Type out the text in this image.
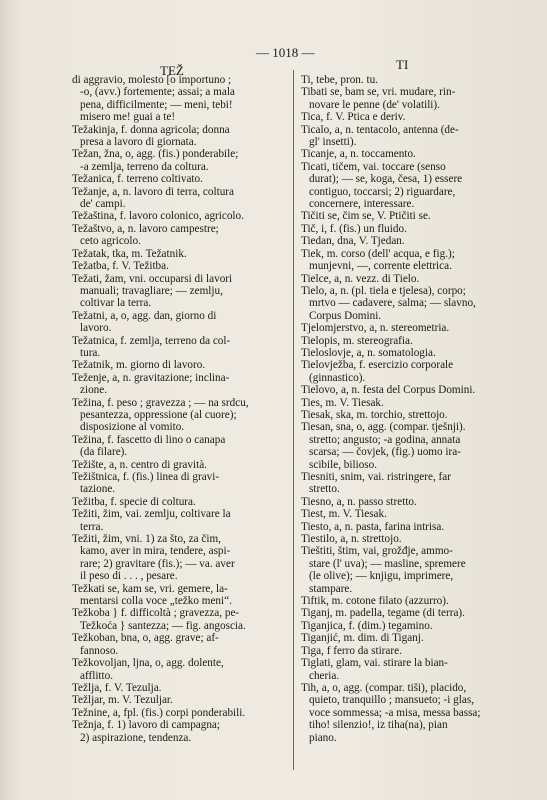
TEŽ
— 1018 —
TI

di aggravio, molesto [o importuno ;
-o, (avv.) fortemente; assai; a mala
pena, difficilmente; — meni, tebi!
misero me! guai a te!

Težakinja, f. donna agricola; donna
presa a lavoro di giornata.

Težan, žna, o, agg. (fis.) ponderabile;
-a zemlja, terreno da coltura.

Težanica, f. terreno coltivato.

Težanje, a, n. lavoro di terra, coltura
de' campi.

Težaština, f. lavoro colonico, agricolo.

Težaštvo, a, n. lavoro campestre;
ceto agricolo.

Težatak, tka, m. Težatnik.

Težatba, f. V. Težitba.

Težati, žam, vni. occuparsi di lavori
manuali; travagliare; — zemlju,
coltivar la terra.

Težatni, a, o, agg. dan, giorno di
lavoro.

Težatnica, f. zemlja, terreno da col-
tura.

Težatnik, m. giorno di lavoro.

Teženje, a, n. gravitazione; inclina-
zione.

Težina, f. peso ; gravezza ; — na srdcu,
pesantezza, oppressione (al cuore);
disposizione al vomito.

Težina, f. fascetto di lino o canapa
(da filare).

Težište, a, n. centro di gravità.

Težištnica, f. (fis.) linea di gravi-
tazione.

Težitba, f. specie di coltura.

Težiti, žim, vai. zemlju, coltivare la
terra.

Težiti, žim, vni. 1) za što, za čim,
kamo, aver in mira, tendere, aspi-
rare; 2) gravitare (fis.); — va. aver
il peso di . . . , pesare.

Težkati se, kam se, vri. gemere, la-
mentarsi colla voce „težko meni“.

Težkoba } f. difficoltà ; gravezza, pe-
Težkoća } santezza; — fig. angoscia.

Težkoban, bna, o, agg. grave; af-
fannoso.

Težkovoljan, ljna, o, agg. dolente,
afflitto.

Težlja, f. V. Tezulja.

Težljar, m. V. Tezuljar.

Težnine, a, fpl. (fis.) corpi ponderabili.

Težnja, f. 1) lavoro di campagna;
2) aspirazione, tendenza.

Ti, tebe, pron. tu.

Tibati se, bam se, vri. mudare, rin-
novare le penne (de' volatili).

Tica, f. V. Ptica e deriv.

Ticalo, a, n. tentacolo, antenna (de-
gl' insetti).

Ticanje, a, n. toccamento.

Ticati, tičem, vai. toccare (senso
durat); — se, koga, česa, 1) essere
contiguo, toccarsi; 2) riguardare,
concernere, interessare.

Tičiti se, čim se, V. Ptičiti se.

Tič, i, f. (fis.) un fluido.

Tiedan, dna, V. Tjedan.

Tiek, m. corso (dell' acqua, e fig.);
munjevni, —, corrente elettrica.

Tielce, a, n. vezz. di Tielo.

Tielo, a, n. (pl. tiela e tjelesa), corpo;
mrtvo — cadavere, salma; — slavno,
Corpus Domini.

Tjelomjerstvo, a, n. stereometria.

Tielopis, m. stereografia.

Tieloslovje, a, n. somatologia.

Tielovježba, f. esercizio corporale
(ginnastico).

Tielovo, a, n. festa del Corpus Domini.

Ties, m. V. Tiesak.

Tiesak, ska, m. torchio, strettojo.

Tiesan, sna, o, agg. (compar. tješnji).
stretto; angusto; -a godina, annata
scarsa; — čovjek, (fig.) uomo ira-
scibile, bilioso.

Tiesniti, snim, vai. ristringere, far
stretto.

Tiesno, a, n. passo stretto.

Tiest, m. V. Tiesak.

Tiesto, a, n. pasta, farina intrisa.

Tiestilo, a, n. strettojo.

Tieštiti, štim, vai, grožđje, ammo-
stare (l' uva); — masline, spremere
(le olive); — knjigu, imprimere,
stampare.

Tiftik, m. cotone filato (azzurro).

Tiganj, m. padella, tegame (di terra).

Tiganjica, f. (dim.) tegamino.

Tiganjić, m. dim. di Tiganj.

Tiga, f ferro da stirare.

Tiglati, glam, vai. stirare la bian-
cheria.

Tih, a, o, agg. (compar. tiši), placido,
quieto, tranquillo ; mansueto; -i glas,
voce sommessa; -a misa, messa bassa;
tiho! silenzio!, iz tiha(na), pian
piano.
